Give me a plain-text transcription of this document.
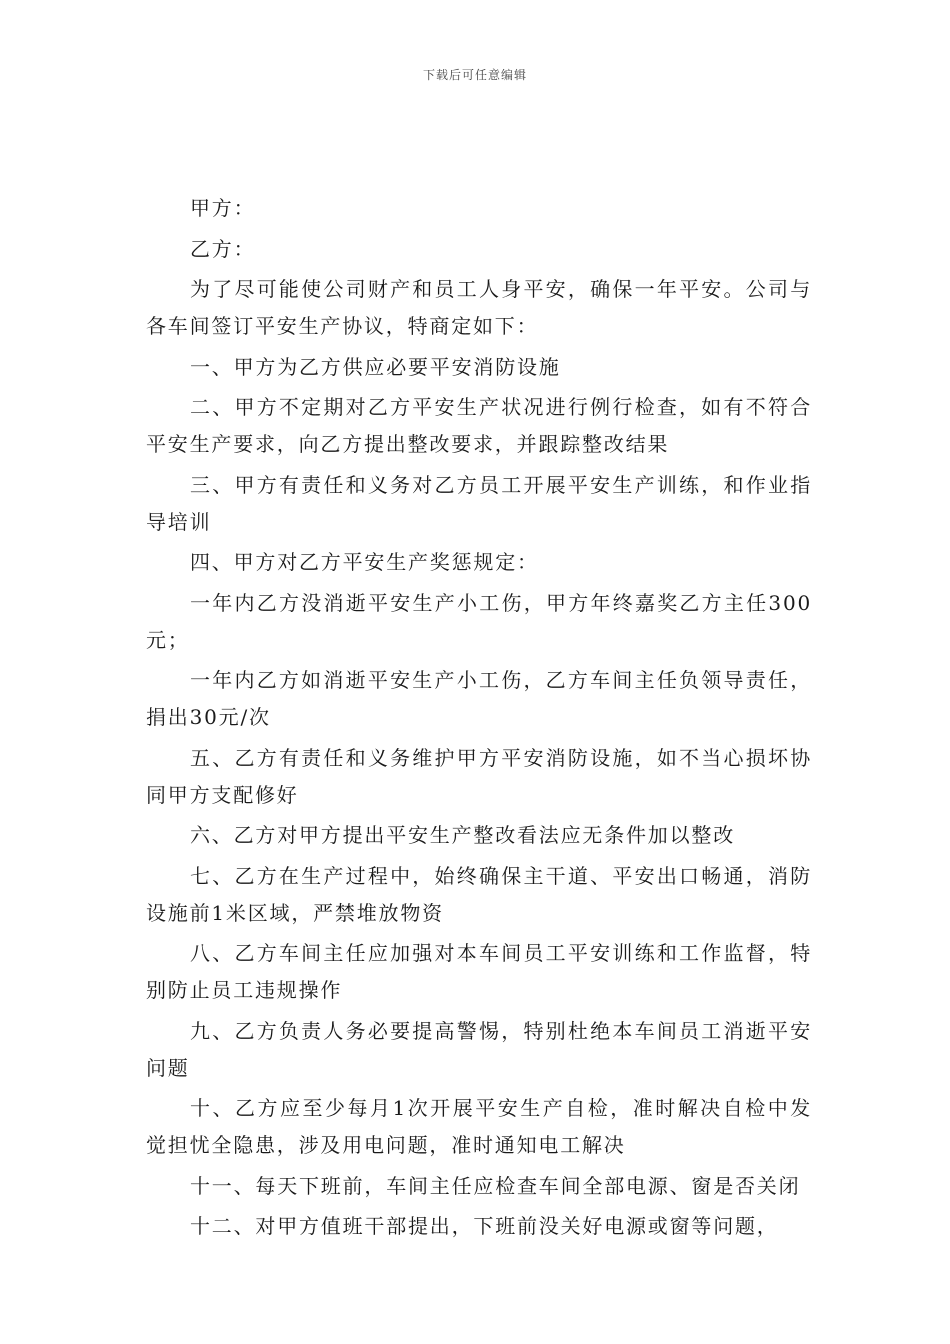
下载后可任意编辑

甲方：

乙方：

为了尽可能使公司财产和员工人身平安，确保一年平安。公司与各车间签订平安生产协议，特商定如下：

一、甲方为乙方供应必要平安消防设施

二、甲方不定期对乙方平安生产状况进行例行检查，如有不符合平安生产要求，向乙方提出整改要求，并跟踪整改结果

三、甲方有责任和义务对乙方员工开展平安生产训练，和作业指导培训

四、甲方对乙方平安生产奖惩规定：

一年内乙方没消逝平安生产小工伤，甲方年终嘉奖乙方主任300元；

一年内乙方如消逝平安生产小工伤，乙方车间主任负领导责任，捐出30元/次

五、乙方有责任和义务维护甲方平安消防设施，如不当心损坏协同甲方支配修好

六、乙方对甲方提出平安生产整改看法应无条件加以整改

七、乙方在生产过程中，始终确保主干道、平安出口畅通，消防设施前1米区域，严禁堆放物资

八、乙方车间主任应加强对本车间员工平安训练和工作监督，特别防止员工违规操作

九、乙方负责人务必要提高警惕，特别杜绝本车间员工消逝平安问题

十、乙方应至少每月1次开展平安生产自检，准时解决自检中发觉担忧全隐患，涉及用电问题，准时通知电工解决

十一、每天下班前，车间主任应检查车间全部电源、窗是否关闭

十二、对甲方值班干部提出，下班前没关好电源或窗等问题，
